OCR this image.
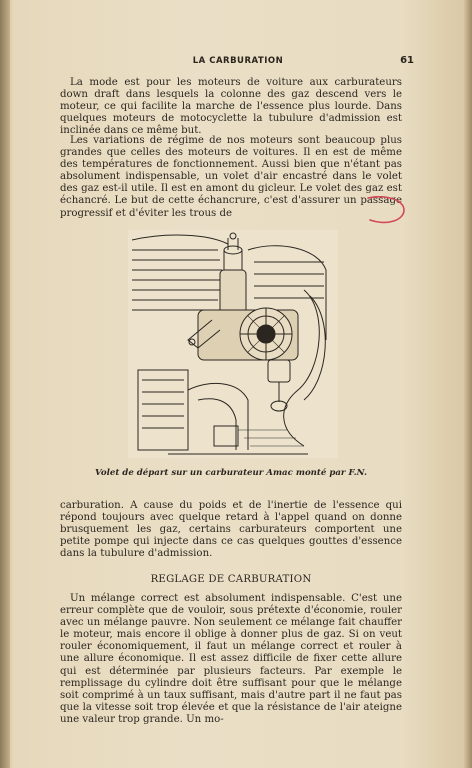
LA CARBURATION	61

La mode est pour les moteurs de voiture aux carburateurs down draft dans lesquels la colonne des gaz descend vers le moteur, ce qui facilite la marche de l'essence plus lourde. Dans quelques moteurs de motocyclette la tubulure d'admission est inclinée dans ce même but.

Les variations de régime de nos moteurs sont beaucoup plus grandes que celles des moteurs de voitures. Il en est de même des températures de fonctionnement. Aussi bien que n'étant pas absolument indispensable, un volet d'air encastré dans le volet des gaz est-il utile. Il est en amont du gicleur. Le volet des gaz est échancré. Le but de cette échancrure, c'est d'assurer un passage progressif et d'éviter les trous de

Volet de départ sur un carburateur Amac monté par F.N.

carburation. A cause du poids et de l'inertie de l'essence qui répond toujours avec quelque retard à l'appel quand on donne brusquement les gaz, certains carburateurs comportent une petite pompe qui injecte dans ce cas quelques gouttes d'essence dans la tubulure d'admission.

REGLAGE DE CARBURATION

Un mélange correct est absolument indispensable. C'est une erreur complète que de vouloir, sous prétexte d'économie, rouler avec un mélange pauvre. Non seulement ce mélange fait chauffer le moteur, mais encore il oblige à donner plus de gaz. Si on veut rouler économiquement, il faut un mélange correct et rouler à une allure économique. Il est assez difficile de fixer cette allure qui est déterminée par plusieurs facteurs. Par exemple le remplissage du cylindre doit être suffisant pour que le mélange soit comprimé à un taux suffisant, mais d'autre part il ne faut pas que la vitesse soit trop élevée et que la résistance de l'air ateigne une valeur trop grande. Un mo-
